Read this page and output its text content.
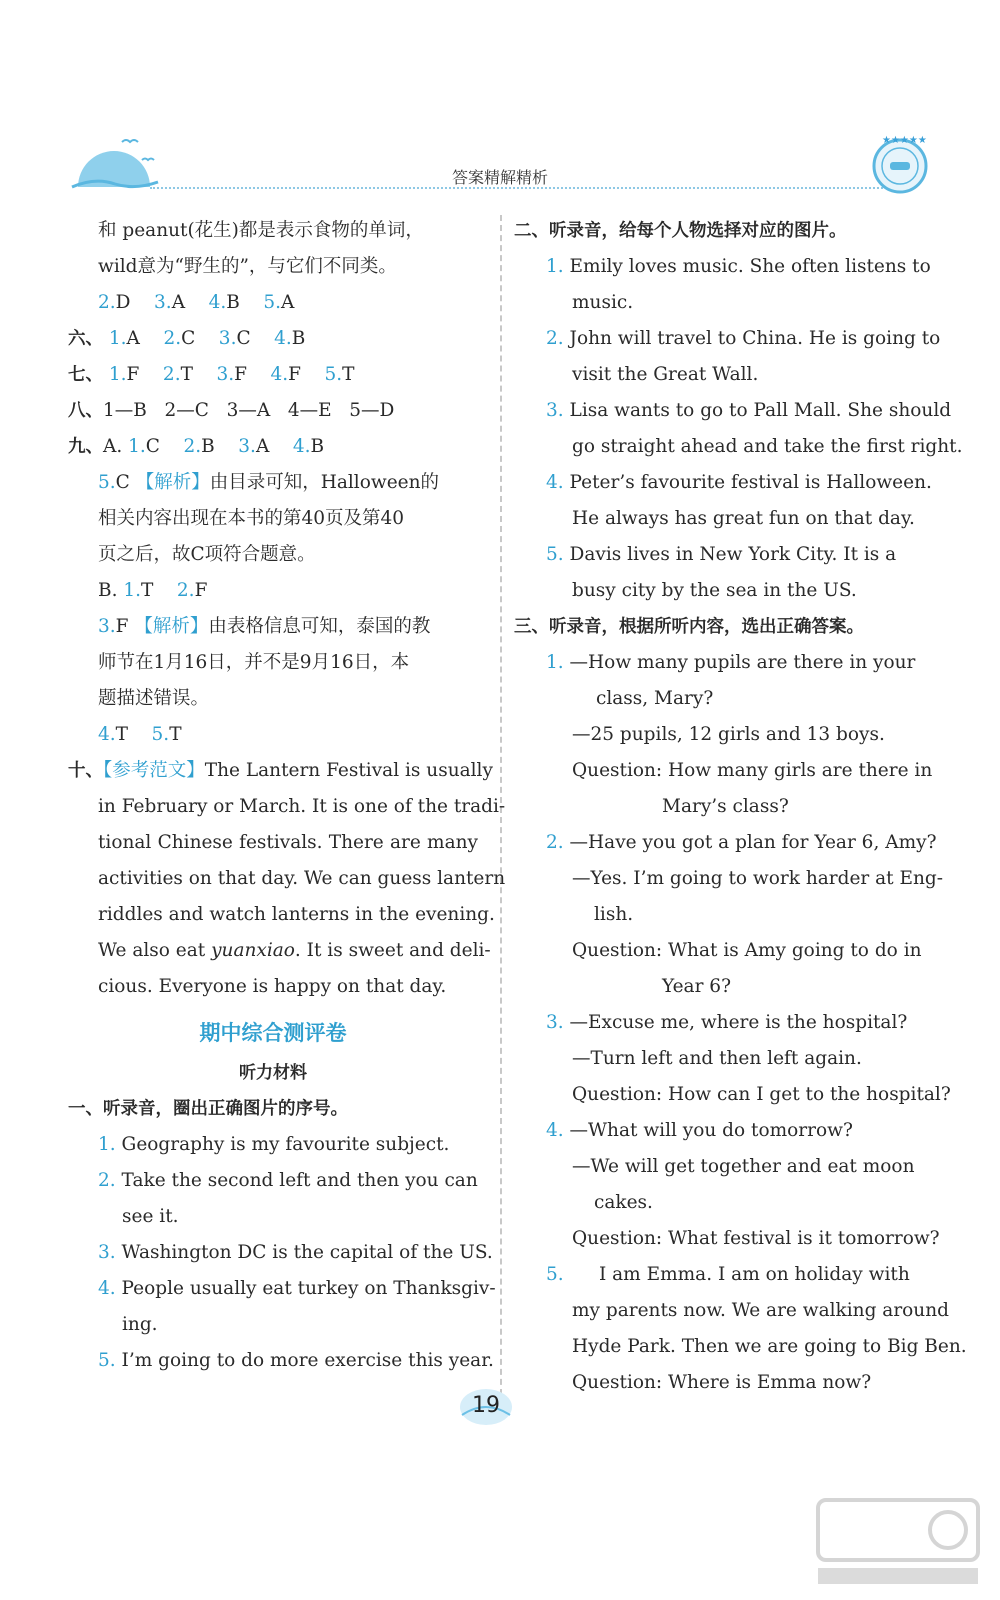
答案精解精析
★★★★★
和 peanut(花生)都是表示食物的单词，
wild意为“野生的”，与它们不同类。
2.D 3.A 4.B 5.A
六、 1.A 2.C 3.C 4.B
七、 1.F 2.T 3.F 4.F 5.T
八、1—B   2—C   3—A   4—E   5—D
九、A. 1.C 2.B 3.A 4.B
5.C 【解析】由目录可知，Halloween的
相关内容出现在本书的第40页及第40
页之后，故C项符合题意。
B. 1.T 2.F
3.F 【解析】由表格信息可知，泰国的教
师节在1月16日，并不是9月16日，本
题描述错误。
4.T 5.T
十、【参考范文】The Lantern Festival is usually
in February or March. It is one of the tradi-
tional Chinese festivals. There are many
activities on that day. We can guess lantern
riddles and watch lanterns in the evening.
We also eat yuanxiao. It is sweet and deli-
cious. Everyone is happy on that day.
期中综合测评卷
听力材料
一、听录音，圈出正确图片的序号。
1. Geography is my favourite subject.
2. Take the second left and then you can
see it.
3. Washington DC is the capital of the US.
4. People usually eat turkey on Thanksgiv-
ing.
5. I’m going to do more exercise this year.
二、听录音，给每个人物选择对应的图片。
1. Emily loves music. She often listens to
music.
2. John will travel to China. He is going to
visit the Great Wall.
3. Lisa wants to go to Pall Mall. She should
go straight ahead and take the first right.
4. Peter’s favourite festival is Halloween.
He always has great fun on that day.
5. Davis lives in New York City. It is a
busy city by the sea in the US.
三、听录音，根据所听内容，选出正确答案。
1. —How many pupils are there in your
class, Mary?
—25 pupils, 12 girls and 13 boys.
Question: How many girls are there in
Mary’s class?
2. —Have you got a plan for Year 6, Amy?
—Yes. I’m going to work harder at Eng-
lish.
Question: What is Amy going to do in
Year 6?
3. —Excuse me, where is the hospital?
—Turn left and then left again.
Question: How can I get to the hospital?
4. —What will you do tomorrow?
—We will get together and eat moon
cakes.
Question: What festival is it tomorrow?
5. I am Emma. I am on holiday with
my parents now. We are walking around
Hyde Park. Then we are going to Big Ben.
Question: Where is Emma now?
19
